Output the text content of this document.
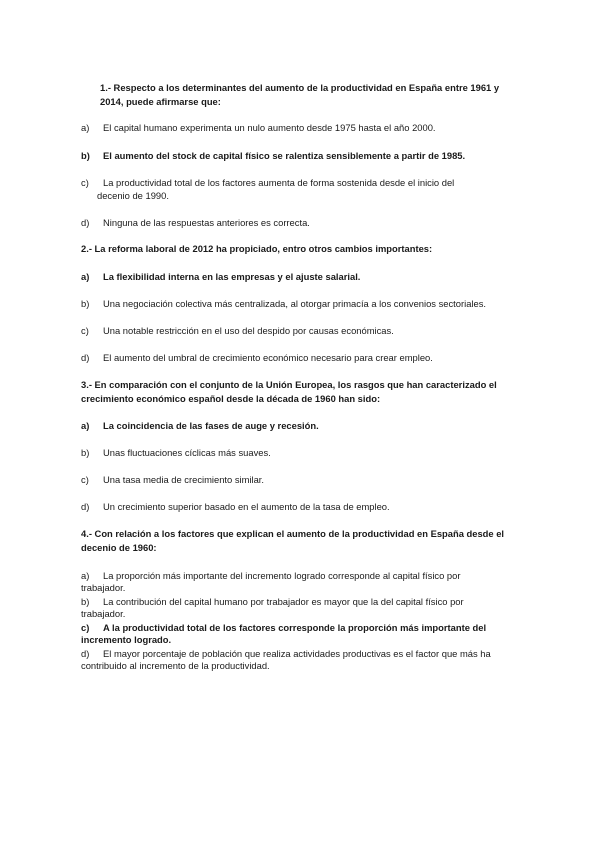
1.- Respecto a los determinantes del aumento de la productividad en España entre 1961 y
2014, puede afirmarse que:
a) El capital humano experimenta un nulo aumento desde 1975 hasta el año 2000.
b) El aumento del stock de capital físico se ralentiza sensiblemente a partir de 1985.
c) La productividad total de los factores aumenta de forma sostenida desde el inicio del
decenio de 1990.
d) Ninguna de las respuestas anteriores es correcta.
2.- La reforma laboral de 2012 ha propiciado, entro otros cambios importantes:
a) La flexibilidad interna en las empresas y el ajuste salarial.
b) Una negociación colectiva más centralizada, al otorgar primacía a los convenios sectoriales.
c) Una notable restricción en el uso del despido por causas económicas.
d) El aumento del umbral de crecimiento económico necesario para crear empleo.
3.- En comparación con el conjunto de la Unión Europea, los rasgos que han caracterizado el
crecimiento económico español desde la década de 1960 han sido:
a) La coincidencia de las fases de auge y recesión.
b) Unas fluctuaciones cíclicas más suaves.
c) Una tasa media de crecimiento similar.
d) Un crecimiento superior basado en el aumento de la tasa de empleo.
4.- Con relación a los factores que explican el aumento de la productividad en España desde el
decenio de 1960:
a) La proporción más importante del incremento logrado corresponde al capital físico por
trabajador.
b) La contribución del capital humano por trabajador es mayor que la del capital físico por
trabajador.
c) A la productividad total de los factores corresponde la proporción más importante del
incremento logrado.
d) El mayor porcentaje de población que realiza actividades productivas es el factor que más ha
contribuido al incremento de la productividad.
